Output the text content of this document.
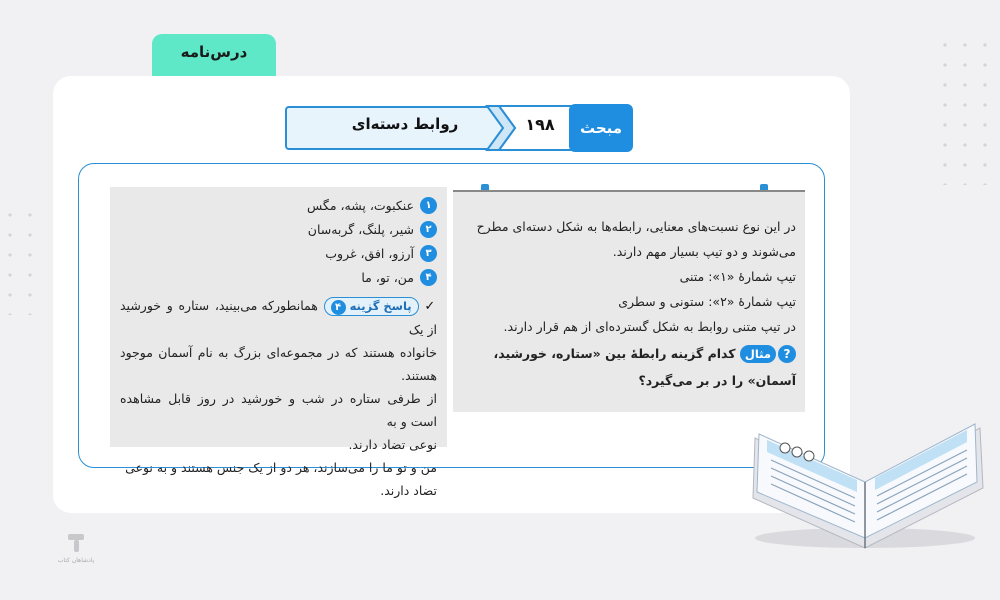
درس‌نامه
روابط دسته‌ای	۱۹۸	مبحث
در این نوع نسبت‌های معنایی، رابطه‌ها به شکل دسته‌ای مطرح
می‌شوند و دو تیپ بسیار مهم دارند.
تیپ شمارهٔ «۱»: متنی
تیپ شمارهٔ «۲»: ستونی و سطری
در تیپ متنی روابط به شکل گسترده‌ای از هم قرار دارند.
?مثال کدام گزینه رابطهٔ بین «ستاره، خورشید،
آسمان» را در بر می‌گیرد؟
۱
عنکبوت، پشه، مگس
۲
شیر، پلنگ، گربه‌سان
۳
آرزو، افق، غروب
۴
من، تو، ما
✓ پاسخ گزینه ۴ همانطورکه می‌بینید، ستاره و خورشید از یک
خانواده هستند که در مجموعه‌ای بزرگ به نام آسمان موجود هستند.
از طرفی ستاره در شب و خورشید در روز قابل مشاهده است و به
نوعی تضاد دارند.
من و تو ما را می‌سازند، هر دو از یک جنس هستند و به نوعی
تضاد دارند.
پادشاهان کتاب
